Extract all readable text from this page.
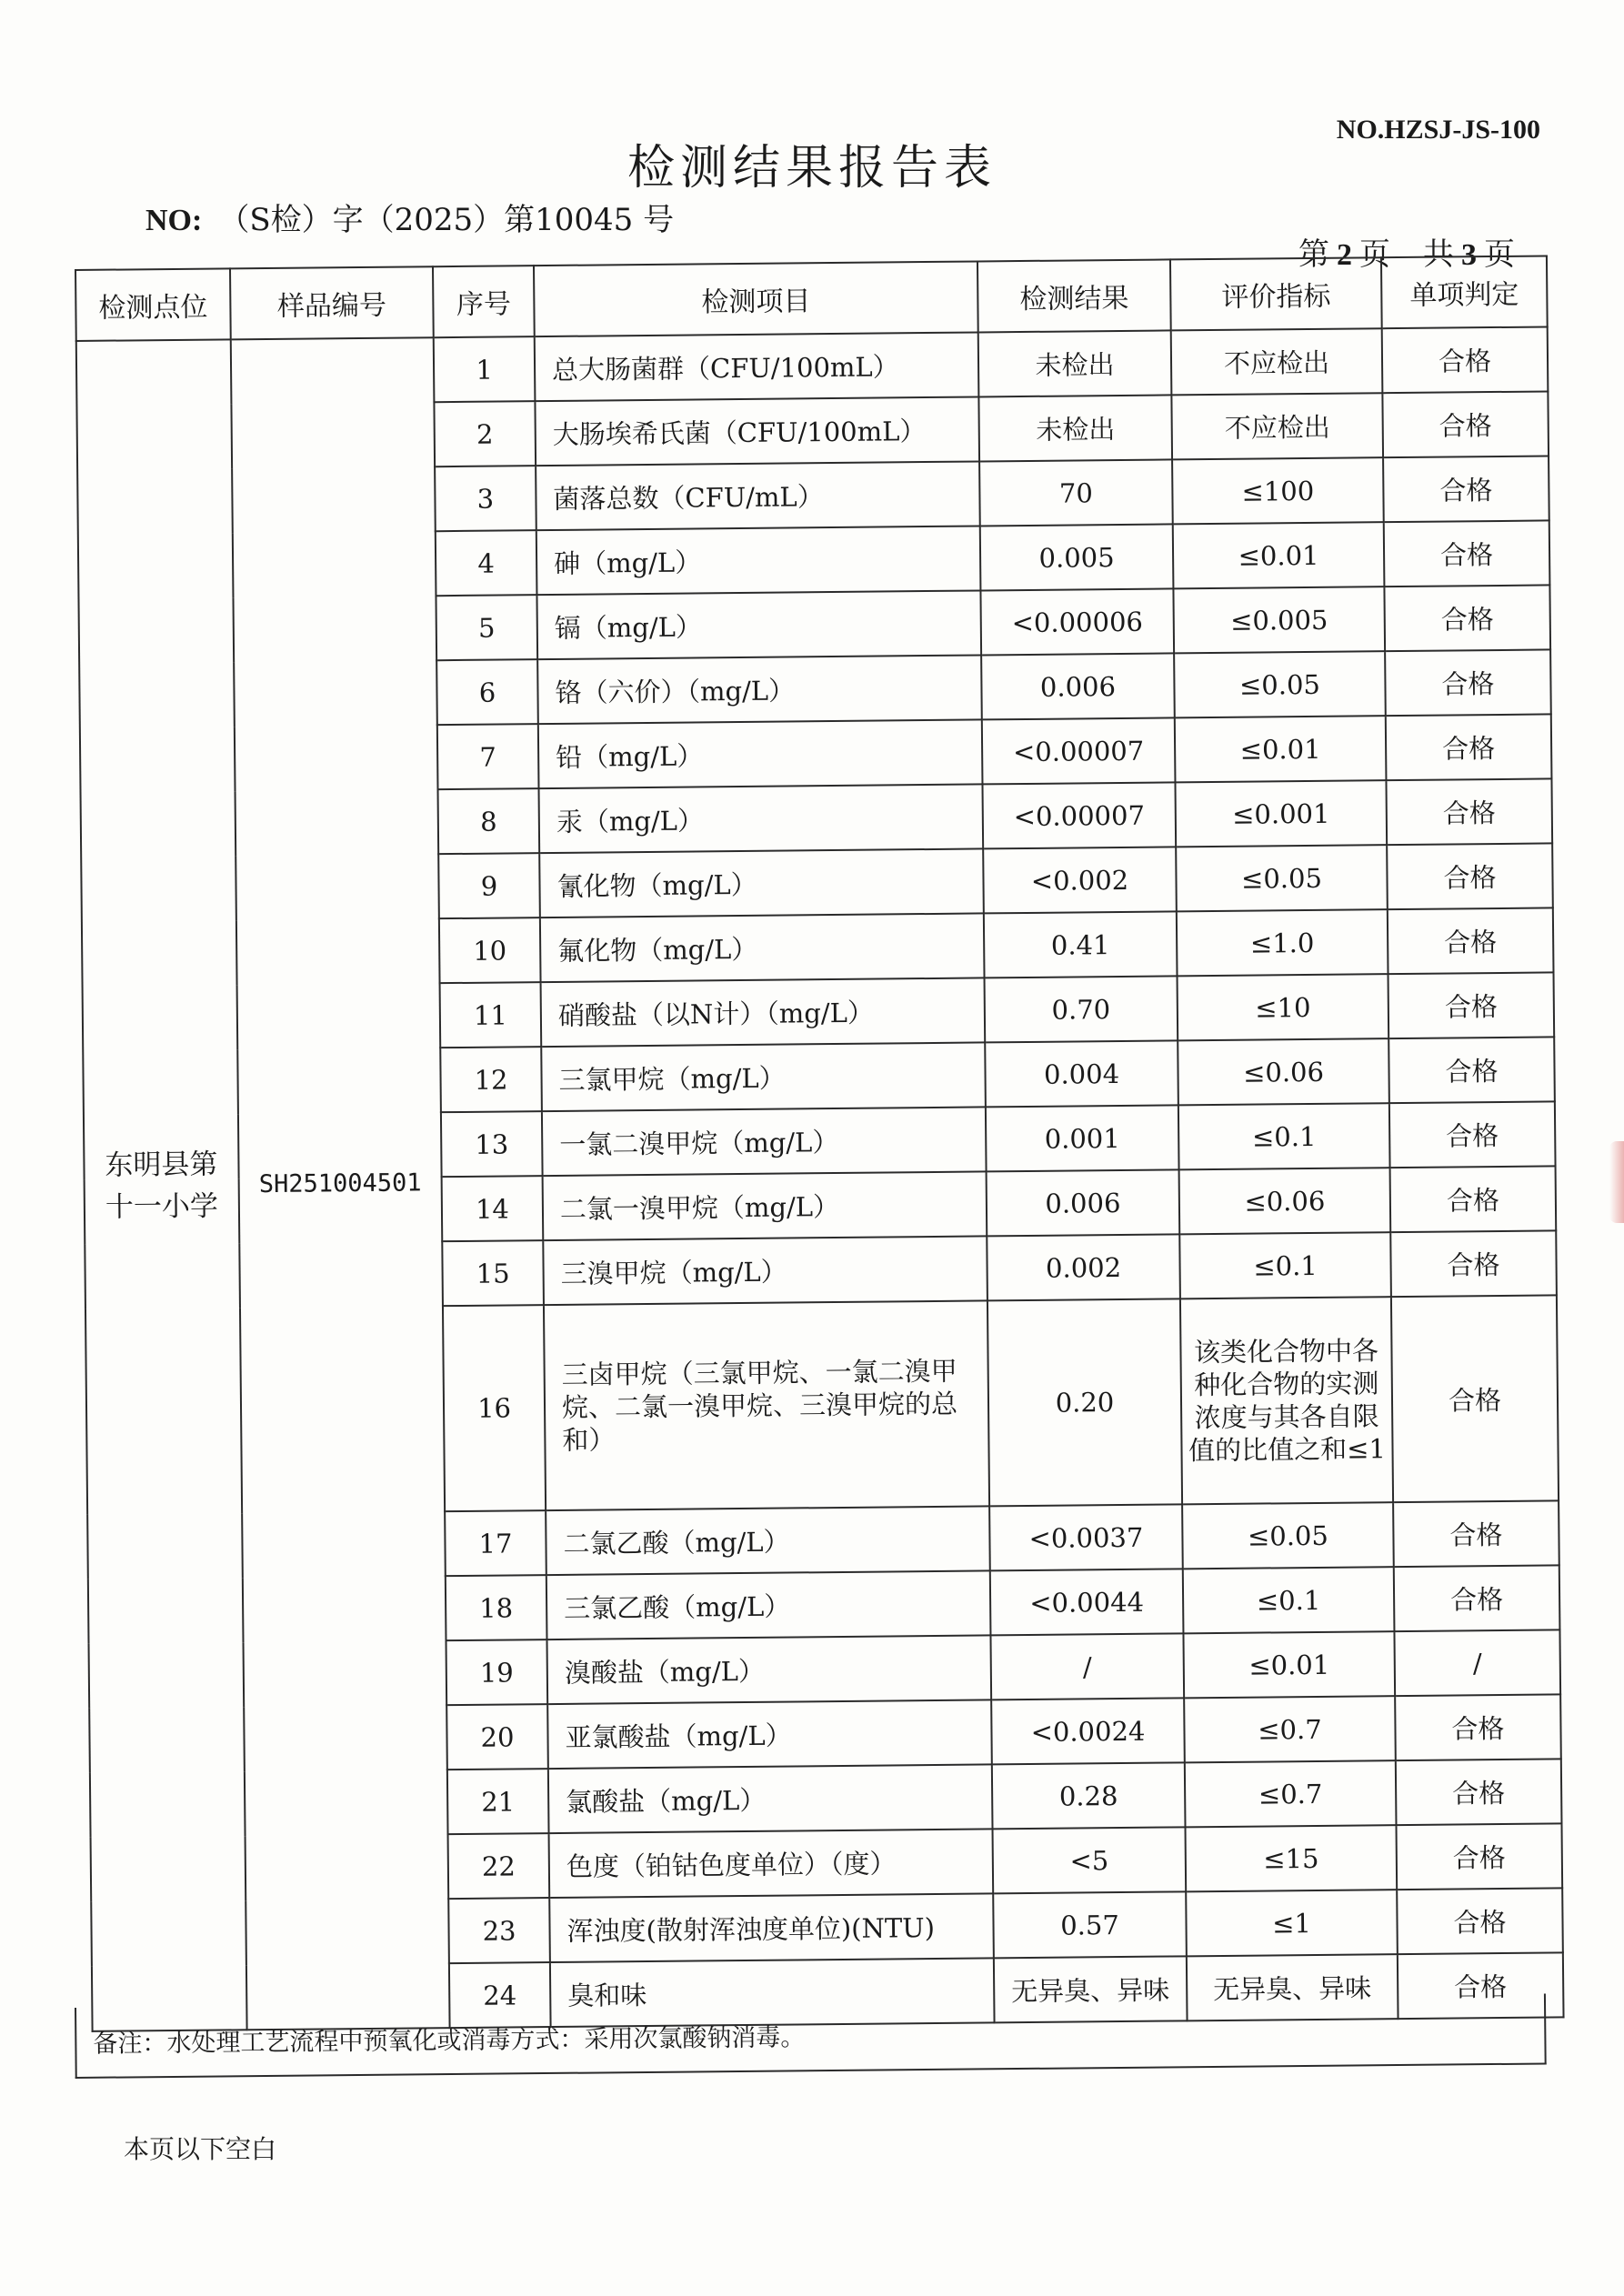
NO.HZSJ-JS-100
检测结果报告表
NO: （S检）字（2025）第10045 号
第 2 页 共 3 页
检测点位	样品编号	序号	检测项目	检测结果	评价指标	单项判定
东明县第十一小学	SH251004501	1	总大肠菌群（CFU/100mL）	未检出	不应检出	合格
		2	大肠埃希氏菌（CFU/100mL）	未检出	不应检出	合格
		3	菌落总数（CFU/mL）	70	≤100	合格
		4	砷（mg/L）	0.005	≤0.01	合格
		5	镉（mg/L）	<0.00006	≤0.005	合格
		6	铬（六价）（mg/L）	0.006	≤0.05	合格
		7	铅（mg/L）	<0.00007	≤0.01	合格
		8	汞（mg/L）	<0.00007	≤0.001	合格
		9	氰化物（mg/L）	<0.002	≤0.05	合格
		10	氟化物（mg/L）	0.41	≤1.0	合格
		11	硝酸盐（以N计）（mg/L）	0.70	≤10	合格
		12	三氯甲烷（mg/L）	0.004	≤0.06	合格
		13	一氯二溴甲烷（mg/L）	0.001	≤0.1	合格
		14	二氯一溴甲烷（mg/L）	0.006	≤0.06	合格
		15	三溴甲烷（mg/L）	0.002	≤0.1	合格
		16	三卤甲烷（三氯甲烷、一氯二溴甲烷、二氯一溴甲烷、三溴甲烷的总和）	0.20	该类化合物中各种化合物的实测浓度与其各自限值的比值之和≤1	合格
		17	二氯乙酸（mg/L）	<0.0037	≤0.05	合格
		18	三氯乙酸（mg/L）	<0.0044	≤0.1	合格
		19	溴酸盐（mg/L）	/	≤0.01	/
		20	亚氯酸盐（mg/L）	<0.0024	≤0.7	合格
		21	氯酸盐（mg/L）	0.28	≤0.7	合格
		22	色度（铂钴色度单位）（度）	<5	≤15	合格
		23	浑浊度(散射浑浊度单位)(NTU)	0.57	≤1	合格
		24	臭和味	无异臭、异味	无异臭、异味	合格
备注：水处理工艺流程中预氧化或消毒方式：采用次氯酸钠消毒。
本页以下空白
